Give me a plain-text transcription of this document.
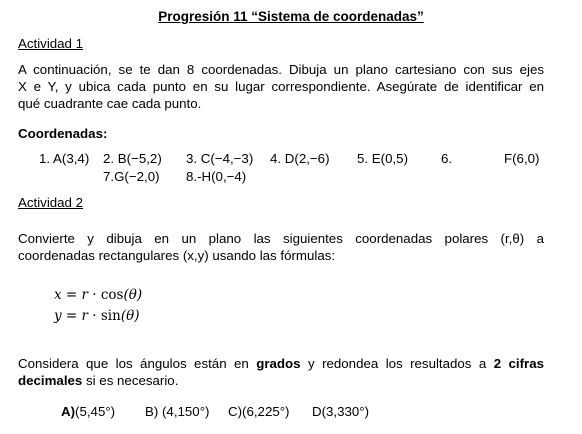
Progresión 11 “Sistema de coordenadas”
Actividad 1
A continuación, se te dan 8 coordenadas. Dibuja un plano cartesiano con sus ejes
X e Y, y ubica cada punto en su lugar correspondiente. Asegúrate de identificar en
qué cuadrante cae cada punto.
Coordenadas:
1. A(3,4) 2. B(−5,2) 3. C(−4,−3) 4. D(2,−6) 5. E(0,5) 6.	F(6,0)
7.G(−2,0) 8.-H(0,−4)
Actividad 2
Convierte y dibuja en un plano las siguientes coordenadas polares (r,θ) a
coordenadas rectangulares (x,y) usando las fórmulas:
x = r · cos(θ)
y = r · sin(θ)
Considera que los ángulos están en grados y redondea los resultados a 2 cifras
decimales si es necesario.
A)(5,45°) B) (4,150°) C)(6,225°) D(3,330°)
